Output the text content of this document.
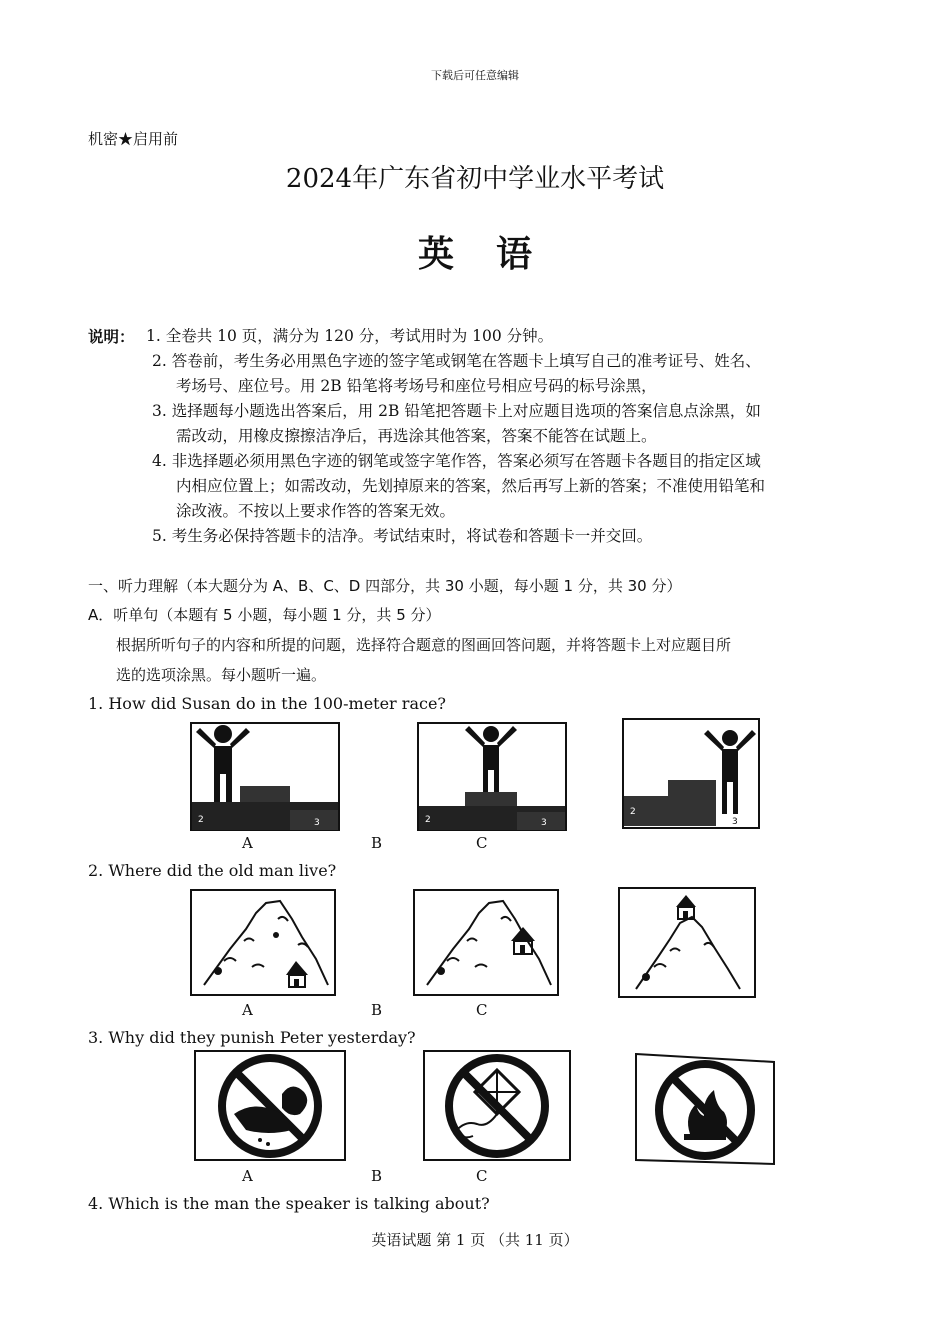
下载后可任意编辑
机密★启用前
2024年广东省初中学业水平考试
英语
说明： 1. 全卷共 10 页，满分为 120 分，考试用时为 100 分钟。
2. 答卷前，考生务必用黑色字迹的签字笔或钢笔在答题卡上填写自己的准考证号、姓名、
考场号、座位号。用 2B 铅笔将考场号和座位号相应号码的标号涂黑，
3. 选择题每小题选出答案后，用 2B 铅笔把答题卡上对应题目选项的答案信息点涂黑，如
需改动，用橡皮擦擦洁净后，再选涂其他答案，答案不能答在试题上。
4. 非选择题必须用黑色字迹的钢笔或签字笔作答，答案必须写在答题卡各题目的指定区域
内相应位置上；如需改动，先划掉原来的答案，然后再写上新的答案；不准使用铅笔和
涂改液。不按以上要求作答的答案无效。
5. 考生务必保持答题卡的洁净。考试结束时，将试卷和答题卡一并交回。
一、听力理解（本大题分为 A、B、C、D 四部分，共 30 小题，每小题 1 分，共 30 分）
A．听单句（本题有 5 小题，每小题 1 分，共 5 分）
根据所听句子的内容和所提的问题，选择符合题意的图画回答问题，并将答题卡上对应题目所
选的选项涂黑。每小题听一遍。
1. How did Susan do in the 100-meter race?
2	3	2	3
2
3
A	B	C
2. Where did the old man live?
A	B	C
3. Why did they punish Peter yesterday?
A	B	C
4. Which is the man the speaker is talking about?
英语试题 第 1 页 （共 11 页）
